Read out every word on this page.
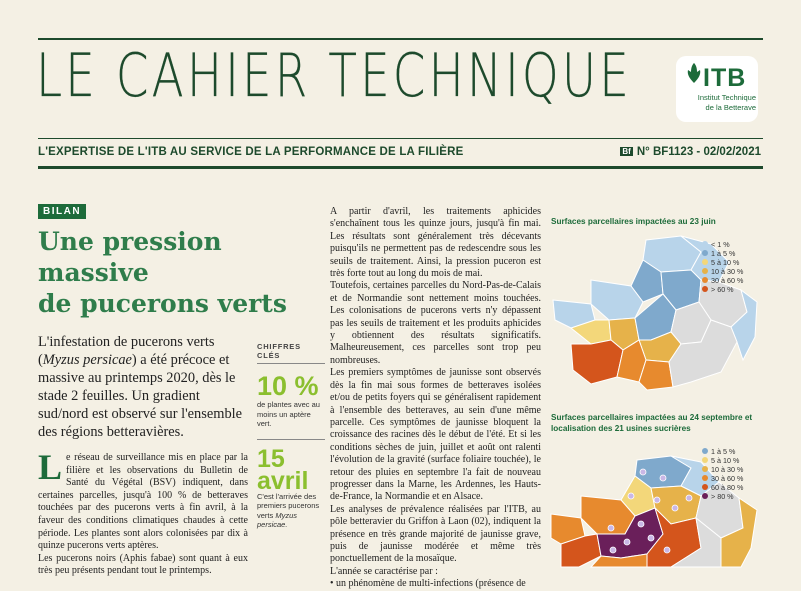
LE CAHIER TECHNIQUE	ITB
Institut Technique
de la Betterave
L'EXPERTISE DE L'ITB AU SERVICE DE LA PERFORMANCE DE LA FILIÈRE	Bf N° BF1123 - 02/02/2021
BILAN
Une pression
massive
de pucerons verts
L'infestation de pucerons verts (Myzus persicae) a été précoce et massive au printemps 2020, dès le stade 2 feuilles. Un gradient sud/nord est observé sur l'ensemble des régions betteravières.
CHIFFRES CLÉS
10 %
de plantes avec au moins un aptère vert.
15
avril
C'est l'arrivée des premiers pucerons verts Myzus persicae.
Le réseau de surveillance mis en place par la filière et les observations du Bulletin de Santé du Végétal (BSV) indiquent, dans certaines parcelles, jusqu'à 100 % de betteraves touchées par des pucerons verts à fin avril, à la faveur des conditions climatiques chaudes à cette période. Les plantes sont alors colonisées par dix à quinze pucerons verts aptères.
Les pucerons noirs (Aphis fabae) sont quant à eux très peu présents pendant tout le printemps.

A partir d'avril, les traitements aphicides s'enchaînent tous les quinze jours, jusqu'à fin mai. Les résultats sont généralement très décevants puisqu'ils ne permettent pas de redescendre sous les seuils de traitement. Ainsi, la pression puceron est très forte tout au long du mois de mai.

Toutefois, certaines parcelles du Nord-Pas-de-Calais et de Normandie sont nettement moins touchées. Les colonisations de pucerons verts n'y dépassent pas les seuils de traitement et les produits aphicides y obtiennent des résultats significatifs. Malheureusement, ces parcelles sont trop peu nombreuses.

Les premiers symptômes de jaunisse sont observés dès la fin mai sous formes de betteraves isolées et/ou de petits foyers qui se généralisent rapidement à l'ensemble des betteraves, au sein d'une même parcelle. Ces symptômes de jaunisse bloquent la croissance des racines dès le début de l'été. Et si les conditions sèches de juin, juillet et août ont ralenti l'évolution de la gravité (surface foliaire touchée), le retour des pluies en septembre l'a fait de nouveau progresser dans la Marne, les Ardennes, les Hauts-de-France, la Normandie et en Alsace.

Les analyses de prévalence réalisées par l'ITB, au pôle betteravier du Griffon à Laon (02), indiquent la présence en très grande majorité de jaunisse grave, puis de jaunisse modérée et même très ponctuellement de la mosaïque.

L'année se caractérise par :

• un phénomène de multi-infections (présence de

Surfaces parcellaires impactées au 23 juin
< 1 %
1 à 5 %
5 à 10 %
10 à 30 %
30 à 60 %
> 60 %
Surfaces parcellaires impactées au 24 septembre et localisation des 21 usines sucrières
1 à 5 %
5 à 10 %
10 à 30 %
30 à 60 %
60 à 80 %
> 80 %
